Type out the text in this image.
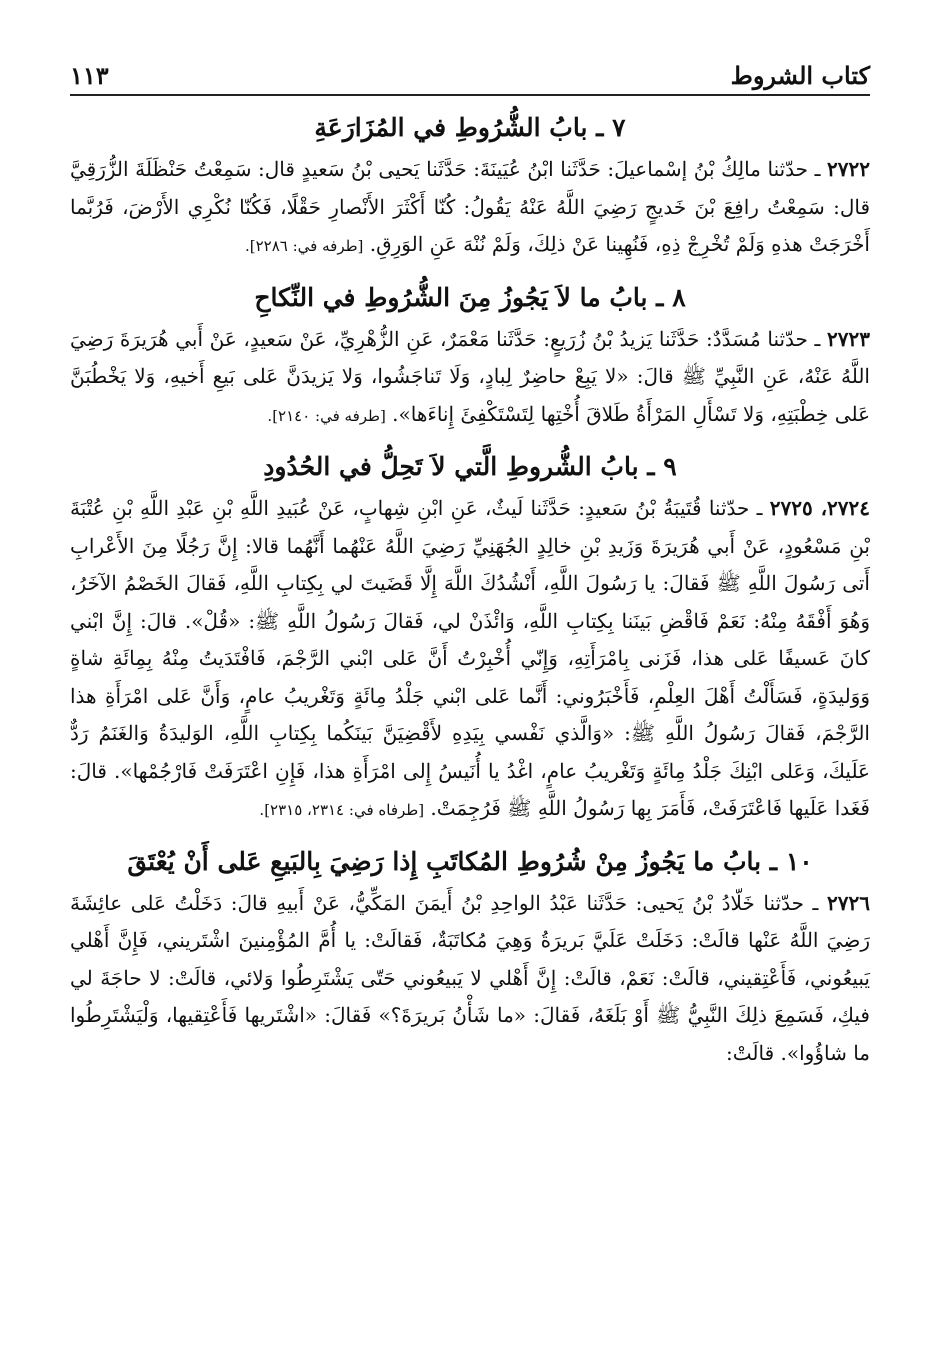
كتاب الشروط
١١٣
٧ ـ بابُ الشُّرُوطِ في المُزَارَعَةِ

٢٧٢٢ ـ حدّثنا مالِكُ بْنُ إسْماعيلَ: حَدَّثَنا ابْنُ عُيَينَةَ: حَدَّثَنا يَحيى بْنُ سَعيدٍ قال: سَمِعْتُ حَنْظَلَةَ الزُّرَقِيَّ قال: سَمِعْتُ رافِعَ بْنَ خَديجٍ رَضِيَ اللَّهُ عَنْهُ يَقُولُ: كُنّا أَكْثَرَ الأَنْصارِ حَقْلًا، فَكُنّا نُكْرِي الأَرْضَ، فَرُبَّما أَخْرَجَتْ هذهِ وَلَمْ تُخْرِجْ ذِهِ، فَنُهِينا عَنْ ذلِكَ، وَلَمْ نُنْهَ عَنِ الوَرِقِ. [طرفه في: ٢٢٨٦].

٨ ـ بابُ ما لاَ يَجُوزُ مِنَ الشُّرُوطِ في النِّكاحِ

٢٧٢٣ ـ حدّثنا مُسَدَّدٌ: حَدَّثَنا يَزيدُ بْنُ زُرَيعٍ: حَدَّثَنا مَعْمَرٌ، عَنِ الزُّهْرِيِّ، عَنْ سَعيدٍ، عَنْ أَبي هُرَيرَةَ رَضِيَ اللَّهُ عَنْهُ، عَنِ النَّبِيِّ ﷺ قالَ: «لا يَبِعْ حاضِرٌ لِبادٍ، وَلَا تَناجَشُوا، وَلا يَزيدَنَّ عَلى بَيعِ أَخيهِ، وَلا يَخْطُبَنَّ عَلى خِطْبَتِهِ، وَلا تَسْأَلِ المَرْأَةُ طَلاقَ أُخْتِها لِتَسْتَكْفِئَ إِناءَها». [طرفه في: ٢١٤٠].

٩ ـ بابُ الشُّروطِ الَّتي لاَ تَحِلُّ في الحُدُودِ

٢٧٢٤، ٢٧٢٥ ـ حدّثنا قُتَيبَةُ بْنُ سَعيدٍ: حَدَّثَنا لَيثٌ، عَنِ ابْنِ شِهابٍ، عَنْ عُبَيدِ اللَّهِ بْنِ عَبْدِ اللَّهِ بْنِ عُتْبَةَ بْنِ مَسْعُودٍ، عَنْ أَبي هُرَيرَةَ وَزَيدِ بْنِ خالِدٍ الجُهَنِيِّ رَضِيَ اللَّهُ عَنْهُما أَنَّهُما قالا: إِنَّ رَجُلًا مِنَ الأَعْرابِ أَتى رَسُولَ اللَّهِ ﷺ فَقالَ: يا رَسُولَ اللَّهِ، أَنْشُدُكَ اللَّهَ إِلَّا قَضَيتَ لي بِكِتابِ اللَّهِ، فَقالَ الخَصْمُ الآخَرُ، وَهُوَ أَفْقَهُ مِنْهُ: نَعَمْ فَاقْضِ بَينَنا بِكِتابِ اللَّهِ، وَائْذَنْ لي، فَقالَ رَسُولُ اللَّهِ ﷺ: «قُلْ». قالَ: إِنَّ ابْني كانَ عَسيفًا عَلى هذا، فَزَنى بِامْرَأَتِهِ، وَإِنّي أُخْبِرْتُ أَنَّ عَلى ابْني الرَّجْمَ، فَافْتَدَيتُ مِنْهُ بِمِائَةِ شاةٍ وَوَليدَةٍ، فَسَأَلْتُ أَهْلَ العِلْمِ، فَأَخْبَرُوني: أَنَّما عَلى ابْني جَلْدُ مِائَةٍ وَتَغْريبُ عامٍ، وَأَنَّ عَلى امْرَأَةِ هذا الرَّجْمَ، فَقالَ رَسُولُ اللَّهِ ﷺ: «وَالَّذي نَفْسي بِيَدِهِ لأَقْضِيَنَّ بَينَكُما بِكِتابِ اللَّهِ، الوَليدَةُ وَالغَنَمُ رَدٌّ عَلَيكَ، وَعَلى ابْنِكَ جَلْدُ مِائَةٍ وَتَغْريبُ عامٍ، اغْدُ يا أُنَيسُ إِلى امْرَأَةِ هذا، فَإِنِ اعْتَرَفَتْ فَارْجُمْها». قالَ: فَغَدا عَلَيها فَاعْتَرَفَتْ، فَأَمَرَ بِها رَسُولُ اللَّهِ ﷺ فَرُجِمَتْ. [طرفاه في: ٢٣١٤، ٢٣١٥].

١٠ ـ بابُ ما يَجُوزُ مِنْ شُرُوطِ المُكاتَبِ إِذا رَضِيَ بِالبَيعِ عَلى أَنْ يُعْتَقَ

٢٧٢٦ ـ حدّثنا خَلّادُ بْنُ يَحيى: حَدَّثَنا عَبْدُ الواحِدِ بْنُ أَيمَنَ المَكِّيُّ، عَنْ أَبيهِ قالَ: دَخَلْتُ عَلى عائِشَةَ رَضِيَ اللَّهُ عَنْها قالَتْ: دَخَلَتْ عَلَيَّ بَريرَةُ وَهِيَ مُكاتَبَةٌ، فَقالَتْ: يا أُمَّ المُؤْمِنينَ اشْتَريني، فَإِنَّ أَهْلي يَبيعُوني، فَأَعْتِقيني، قالَتْ: نَعَمْ، قالَتْ: إِنَّ أَهْلي لا يَبيعُوني حَتّى يَشْتَرِطُوا وَلائي، قالَتْ: لا حاجَةَ لي فيكِ، فَسَمِعَ ذلِكَ النَّبِيُّ ﷺ أَوْ بَلَغَهُ، فَقالَ: «ما شَأْنُ بَريرَةَ؟» فَقالَ: «اشْتَريها فَأَعْتِقيها، وَلْيَشْتَرِطُوا ما شاؤُوا». قالَتْ:
